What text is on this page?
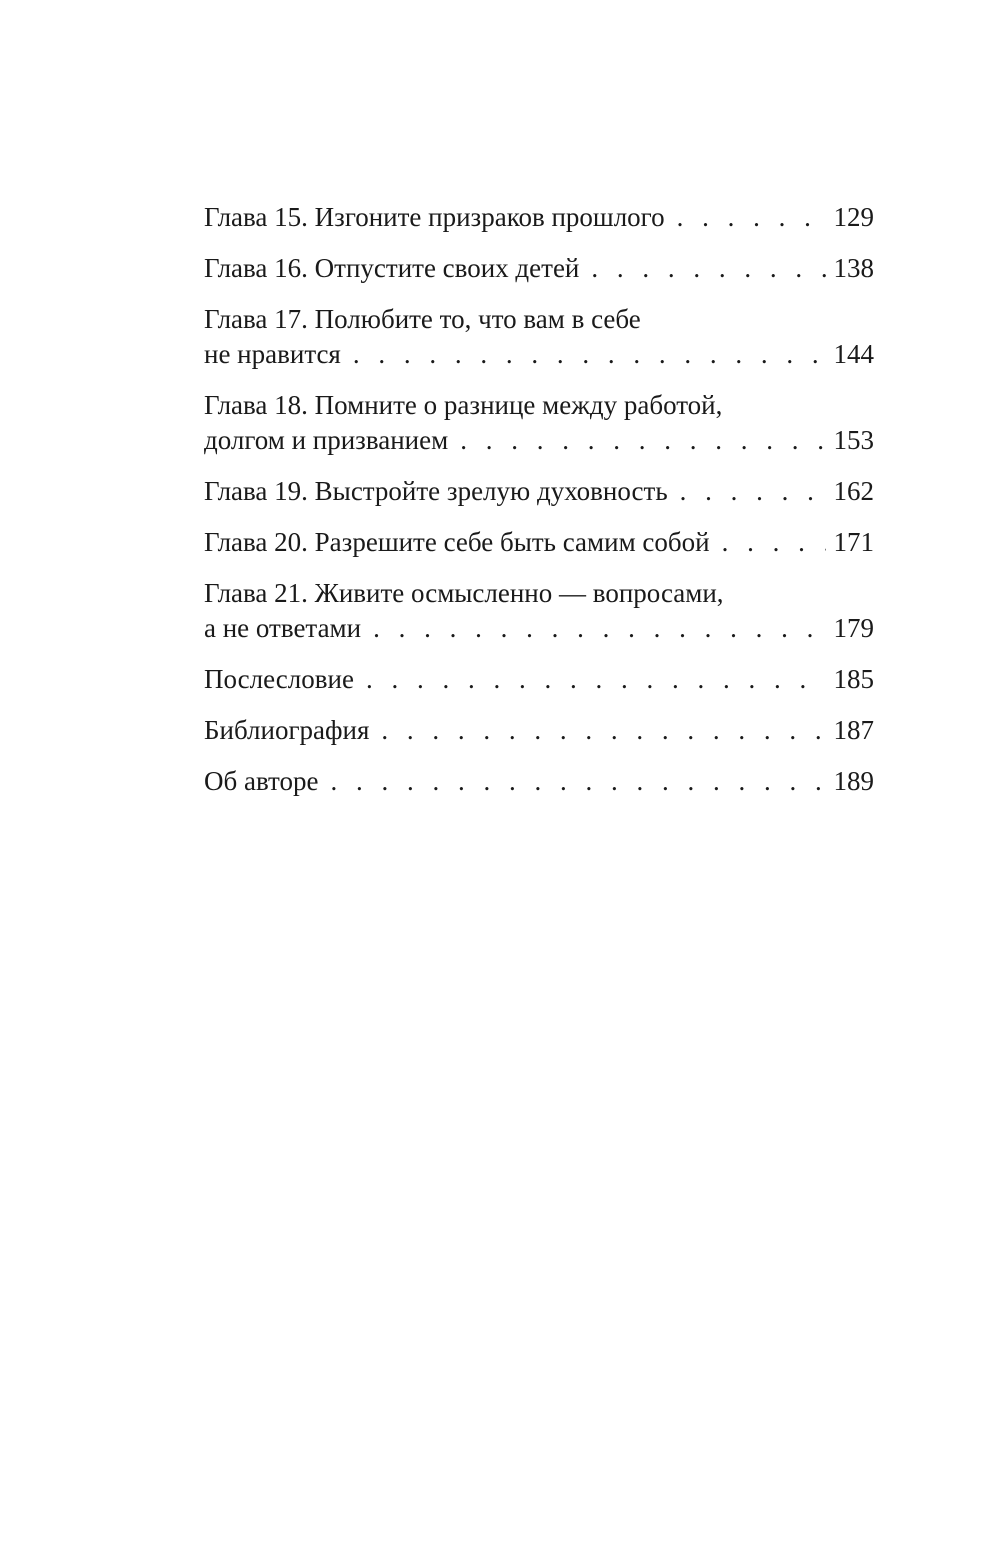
Глава 15. Изгоните призраков прошлого . . .	129
Глава 16. Отпустите своих детей . . .	138
Глава 17. Полюбите то, что вам в себе
не нравится . . .	144
Глава 18. Помните о разнице между работой,
долгом и призванием . . .	153
Глава 19. Выстройте зрелую духовность . . .	162
Глава 20. Разрешите себе быть самим собой . . .	171
Глава 21. Живите осмысленно — вопросами,
а не ответами . . .	179
Послесловие . . .	185
Библиография . . .	187
Об авторе . . .	189
